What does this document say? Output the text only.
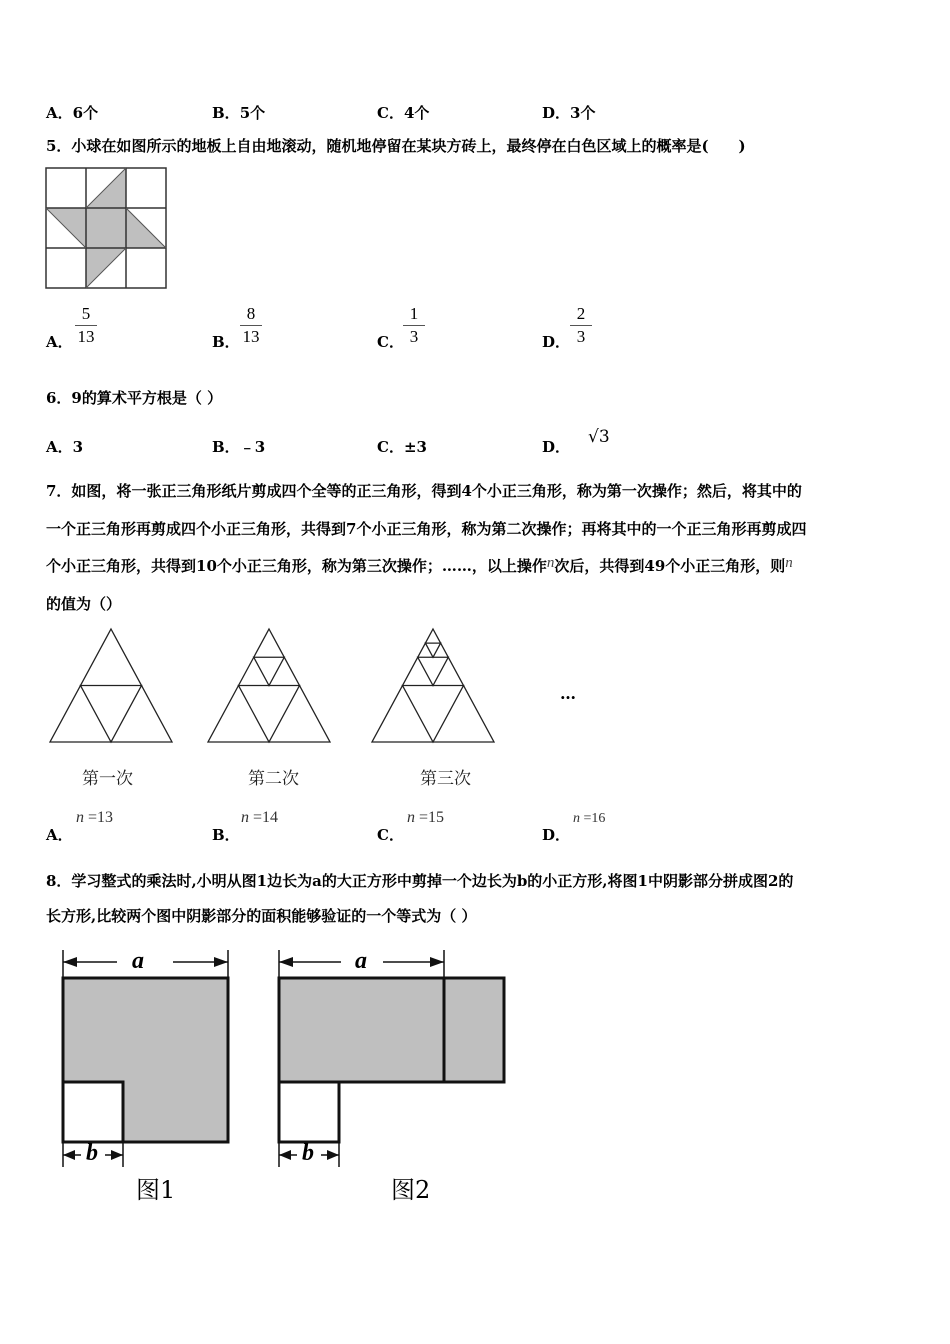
A．6个	B．5个	C．4个	D．3个
5．小球在如图所示的地板上自由地滚动，随机地停留在某块方砖上，最终停在白色区域上的概率是(　　)
A．
5
13	B．
8
13	C．
1
3	D．
2
3
6．9的算术平方根是（ ）
A．3	B．﹣3	C．±3	D． √3
7．如图，将一张正三角形纸片剪成四个全等的正三角形，得到4个小正三角形，称为第一次操作；然后，将其中的
一个正三角形再剪成四个小正三角形，共得到7个小正三角形，称为第二次操作；再将其中的一个正三角形再剪成四
个小正三角形，共得到10个小正三角形，称为第三次操作；……，以上操作n次后，共得到49个小正三角形，则n
的值为（）
…
第一次	第二次	第三次
A．
n =13
B．
n =14
C．
n =15
D．
n =16
8．学习整式的乘法时,小明从图1边长为a的大正方形中剪掉一个边长为b的小正方形,将图1中阴影部分拼成图2的
长方形,比较两个图中阴影部分的面积能够验证的一个等式为（ ）
a
b
图1
a
b
图2
